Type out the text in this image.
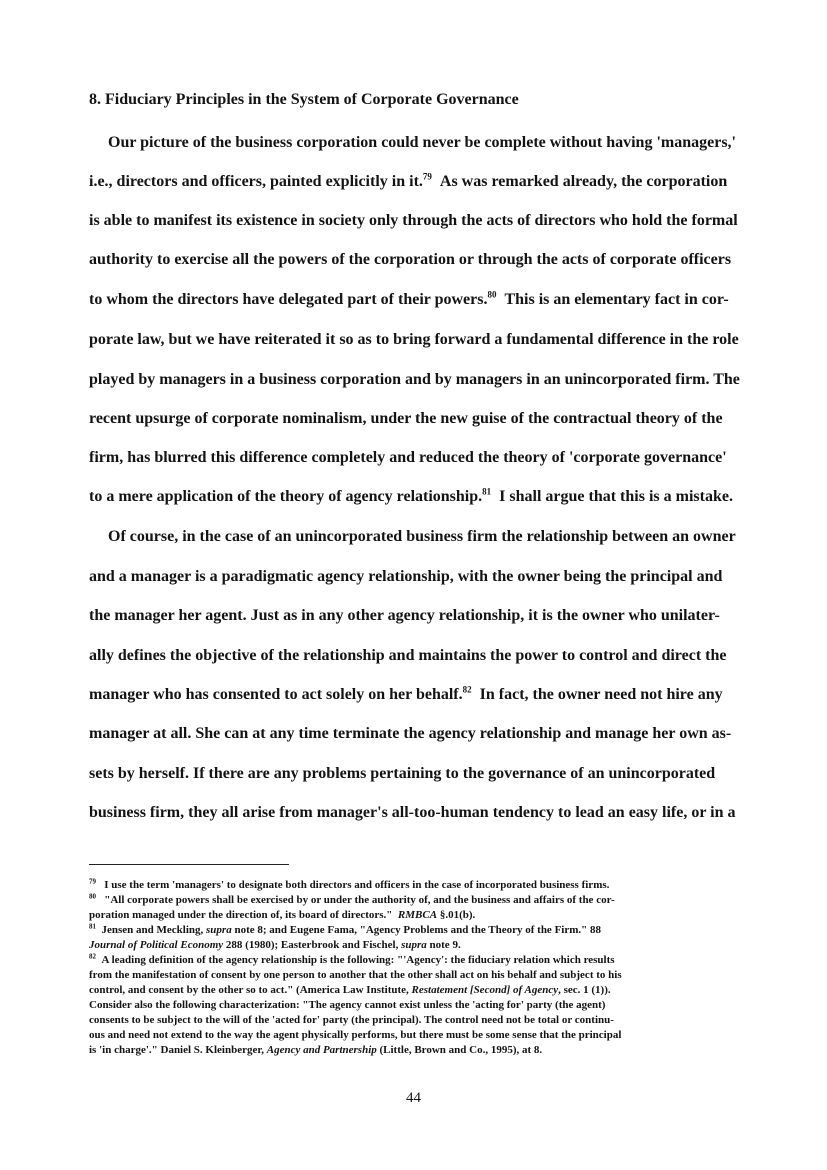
8. Fiduciary Principles in the System of Corporate Governance
Our picture of the business corporation could never be complete without having 'managers,'
i.e., directors and officers, painted explicitly in it.$^{79}$ As was remarked already, the corporation
is able to manifest its existence in society only through the acts of directors who hold the formal
authority to exercise all the powers of the corporation or through the acts of corporate officers
to whom the directors have delegated part of their powers.$^{80}$ This is an elementary fact in cor-
porate law, but we have reiterated it so as to bring forward a fundamental difference in the role
played by managers in a business corporation and by managers in an unincorporated firm. The
recent upsurge of corporate nominalism, under the new guise of the contractual theory of the
firm, has blurred this difference completely and reduced the theory of 'corporate governance'
to a mere application of the theory of agency relationship.$^{81}$ I shall argue that this is a mistake.
Of course, in the case of an unincorporated business firm the relationship between an owner
and a manager is a paradigmatic agency relationship, with the owner being the principal and
the manager her agent. Just as in any other agency relationship, it is the owner who unilater-
ally defines the objective of the relationship and maintains the power to control and direct the
manager who has consented to act solely on her behalf.$^{82}$ In fact, the owner need not hire any
manager at all. She can at any time terminate the agency relationship and manage her own as-
sets by herself. If there are any problems pertaining to the governance of an unincorporated
business firm, they all arise from manager's all-too-human tendency to lead an easy life, or in a
$^{79}$ I use the term 'managers' to designate both directors and officers in the case of incorporated business firms.
$^{80}$ "All corporate powers shall be exercised by or under the authority of, and the business and affairs of the cor-
poration managed under the direction of, its board of directors." RMBCA §.01(b).
$^{81}$ Jensen and Meckling, supra note 8; and Eugene Fama, "Agency Problems and the Theory of the Firm." 88
Journal of Political Economy 288 (1980); Easterbrook and Fischel, supra note 9.
$^{82}$ A leading definition of the agency relationship is the following: "'Agency': the fiduciary relation which results
from the manifestation of consent by one person to another that the other shall act on his behalf and subject to his
control, and consent by the other so to act." (America Law Institute, Restatement [Second] of Agency, sec. 1 (1)).
Consider also the following characterization: "The agency cannot exist unless the 'acting for' party (the agent)
consents to be subject to the will of the 'acted for' party (the principal). The control need not be total or continu-
ous and need not extend to the way the agent physically performs, but there must be some sense that the principal
is 'in charge'." Daniel S. Kleinberger, Agency and Partnership (Little, Brown and Co., 1995), at 8.
44
